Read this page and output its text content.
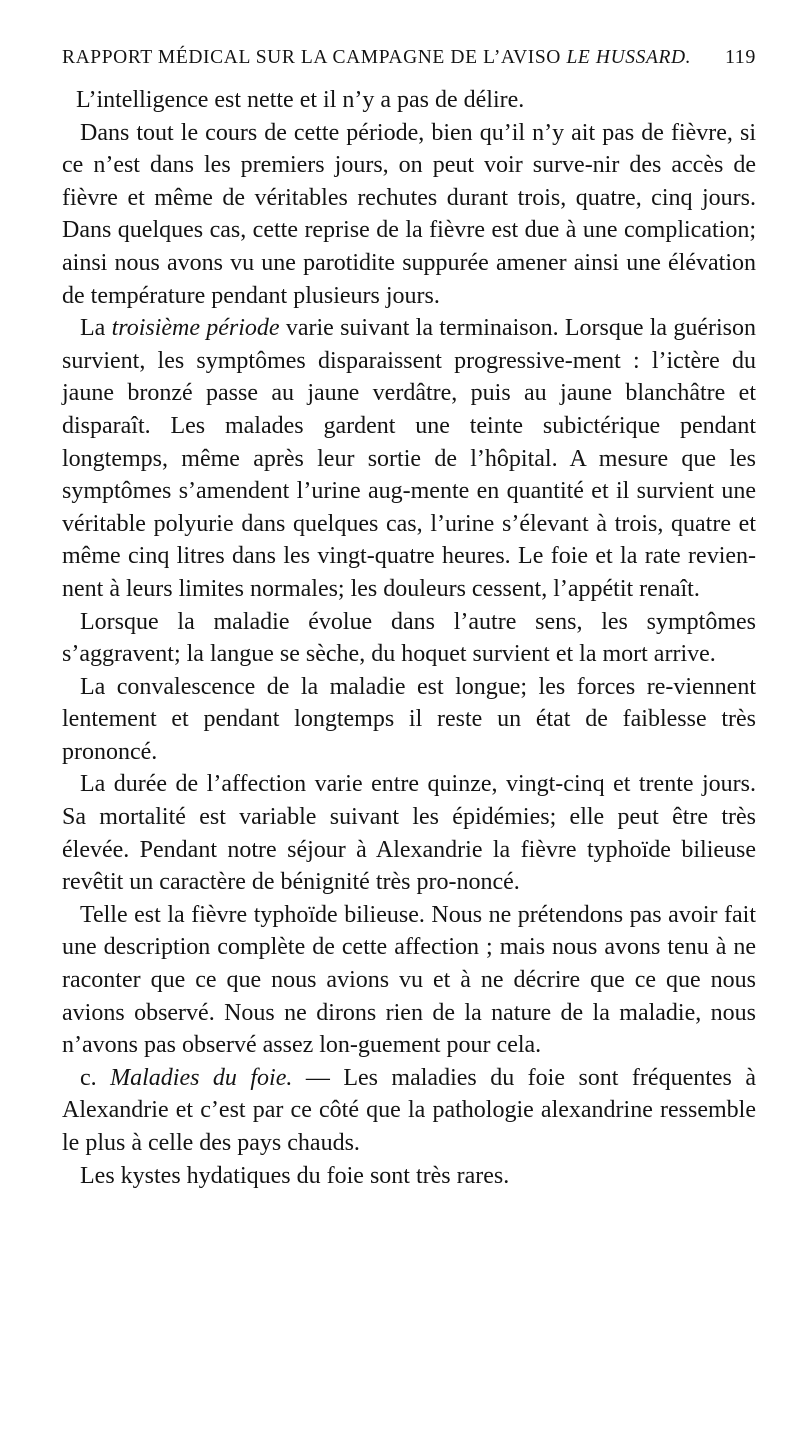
RAPPORT MÉDICAL SUR LA CAMPAGNE DE L’AVISO LE HUSSARD. 119

L’intelligence est nette et il n’y a pas de délire.

Dans tout le cours de cette période, bien qu’il n’y ait pas de fièvre, si ce n’est dans les premiers jours, on peut voir surve-nir des accès de fièvre et même de véritables rechutes durant trois, quatre, cinq jours. Dans quelques cas, cette reprise de la fièvre est due à une complication; ainsi nous avons vu une parotidite suppurée amener ainsi une élévation de température pendant plusieurs jours.

La troisième période varie suivant la terminaison. Lorsque la guérison survient, les symptômes disparaissent progressive-ment : l’ictère du jaune bronzé passe au jaune verdâtre, puis au jaune blanchâtre et disparaît. Les malades gardent une teinte subictérique pendant longtemps, même après leur sortie de l’hôpital. A mesure que les symptômes s’amendent l’urine aug-mente en quantité et il survient une véritable polyurie dans quelques cas, l’urine s’élevant à trois, quatre et même cinq litres dans les vingt-quatre heures. Le foie et la rate revien-nent à leurs limites normales; les douleurs cessent, l’appétit renaît.

Lorsque la maladie évolue dans l’autre sens, les symptômes s’aggravent; la langue se sèche, du hoquet survient et la mort arrive.

La convalescence de la maladie est longue; les forces re-viennent lentement et pendant longtemps il reste un état de faiblesse très prononcé.

La durée de l’affection varie entre quinze, vingt-cinq et trente jours. Sa mortalité est variable suivant les épidémies; elle peut être très élevée. Pendant notre séjour à Alexandrie la fièvre typhoïde bilieuse revêtit un caractère de bénignité très pro-noncé.

Telle est la fièvre typhoïde bilieuse. Nous ne prétendons pas avoir fait une description complète de cette affection ; mais nous avons tenu à ne raconter que ce que nous avions vu et à ne décrire que ce que nous avions observé. Nous ne dirons rien de la nature de la maladie, nous n’avons pas observé assez lon-guement pour cela.

c. Maladies du foie. — Les maladies du foie sont fréquentes à Alexandrie et c’est par ce côté que la pathologie alexandrine ressemble le plus à celle des pays chauds.

Les kystes hydatiques du foie sont très rares.
